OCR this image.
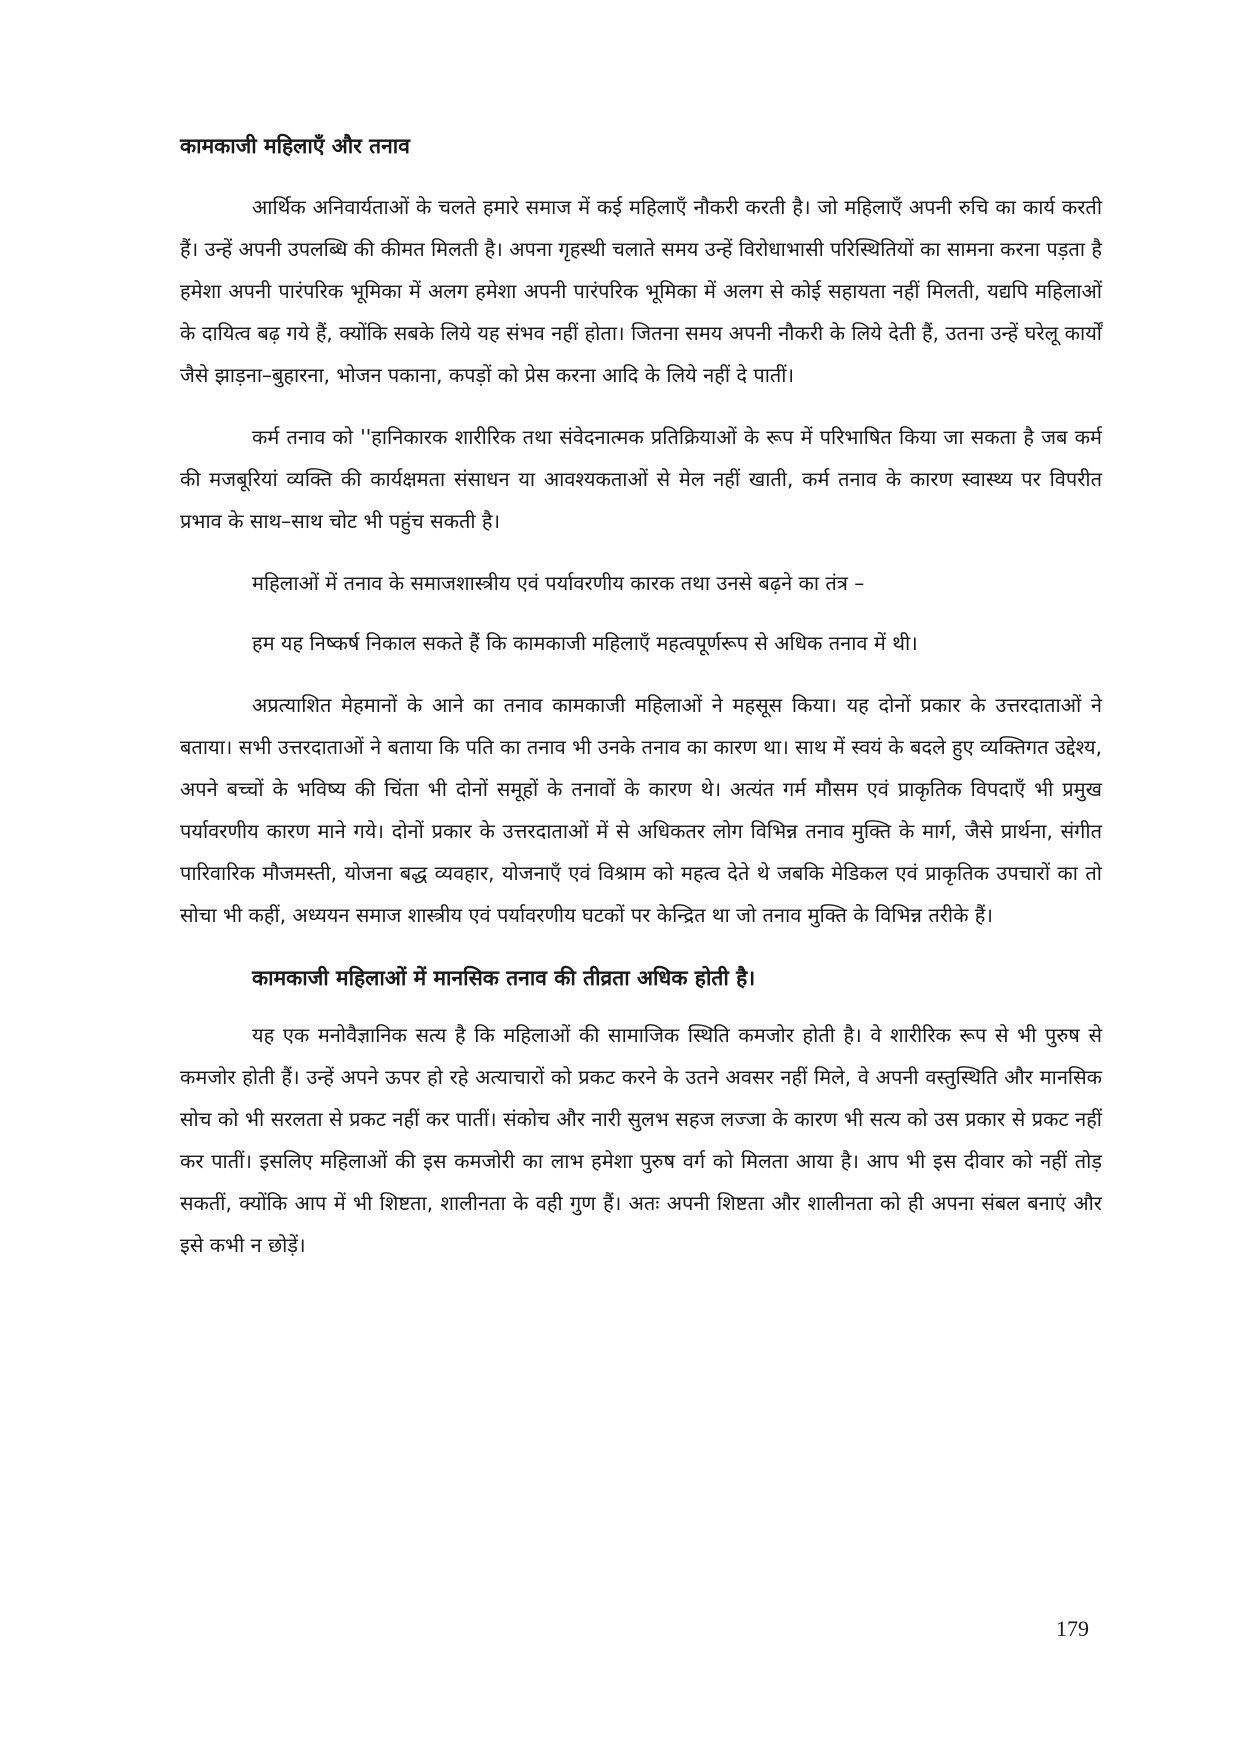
कामकाजी महिलाएँ और तनाव

आर्थिक अनिवार्यताओं के चलते हमारे समाज में कई महिलाएँ नौकरी करती है। जो महिलाएँ अपनी रुचि का कार्य करती हैं। उन्हें अपनी उपलब्धि की कीमत मिलती है। अपना गृहस्थी चलाते समय उन्हें विरोधाभासी परिस्थितियों का सामना करना पड़ता है हमेशा अपनी पारंपरिक भूमिका में अलग हमेशा अपनी पारंपरिक भूमिका में अलग से कोई सहायता नहीं मिलती, यद्यपि महिलाओं के दायित्व बढ़ गये हैं, क्योंकि सबके लिये यह संभव नहीं होता। जितना समय अपनी नौकरी के लिये देती हैं, उतना उन्हें घरेलू कार्यों जैसे झाड़ना–बुहारना, भोजन पकाना, कपड़ों को प्रेस करना आदि के लिये नहीं दे पातीं।

कर्म तनाव को ''हानिकारक शारीरिक तथा संवेदनात्मक प्रतिक्रियाओं के रूप में परिभाषित किया जा सकता है जब कर्म की मजबूरियां व्यक्ति की कार्यक्षमता संसाधन या आवश्यकताओं से मेल नहीं खाती, कर्म तनाव के कारण स्वास्थ्य पर विपरीत प्रभाव के साथ–साथ चोट भी पहुंच सकती है।

महिलाओं में तनाव के समाजशास्त्रीय एवं पर्यावरणीय कारक तथा उनसे बढ़ने का तंत्र –

हम यह निष्कर्ष निकाल सकते हैं कि कामकाजी महिलाएँ महत्वपूर्णरूप से अधिक तनाव में थी।

अप्रत्याशित मेहमानों के आने का तनाव कामकाजी महिलाओं ने महसूस किया। यह दोनों प्रकार के उत्तरदाताओं ने बताया। सभी उत्तरदाताओं ने बताया कि पति का तनाव भी उनके तनाव का कारण था। साथ में स्वयं के बदले हुए व्यक्तिगत उद्देश्य, अपने बच्चों के भविष्य की चिंता भी दोनों समूहों के तनावों के कारण थे। अत्यंत गर्म मौसम एवं प्राकृतिक विपदाएँ भी प्रमुख पर्यावरणीय कारण माने गये। दोनों प्रकार के उत्तरदाताओं में से अधिकतर लोग विभिन्न तनाव मुक्ति के मार्ग, जैसे प्रार्थना, संगीत पारिवारिक मौजमस्ती, योजना बद्ध व्यवहार, योजनाएँ एवं विश्राम को महत्व देते थे जबकि मेडिकल एवं प्राकृतिक उपचारों का तो सोचा भी कहीं, अध्ययन समाज शास्त्रीय एवं पर्यावरणीय घटकों पर केन्द्रित था जो तनाव मुक्ति के विभिन्न तरीके हैं।

कामकाजी महिलाओं में मानसिक तनाव की तीव्रता अधिक होती है।

यह एक मनोवैज्ञानिक सत्य है कि महिलाओं की सामाजिक स्थिति कमजोर होती है। वे शारीरिक रूप से भी पुरुष से कमजोर होती हैं। उन्हें अपने ऊपर हो रहे अत्याचारों को प्रकट करने के उतने अवसर नहीं मिले, वे अपनी वस्तुस्थिति और मानसिक सोच को भी सरलता से प्रकट नहीं कर पातीं। संकोच और नारी सुलभ सहज लज्जा के कारण भी सत्य को उस प्रकार से प्रकट नहीं कर पातीं। इसलिए महिलाओं की इस कमजोरी का लाभ हमेशा पुरुष वर्ग को मिलता आया है। आप भी इस दीवार को नहीं तोड़ सकतीं, क्योंकि आप में भी शिष्टता, शालीनता के वही गुण हैं। अतः अपनी शिष्टता और शालीनता को ही अपना संबल बनाएं और इसे कभी न छोड़ें।

179
